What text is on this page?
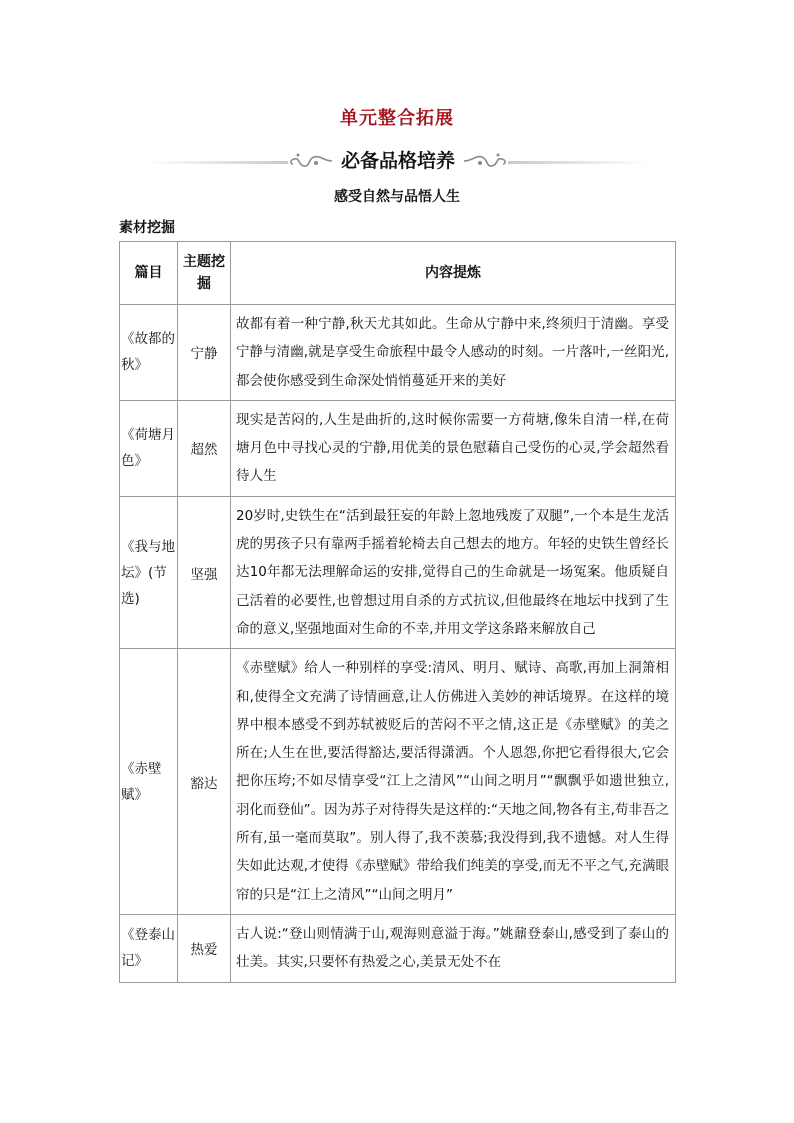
单元整合拓展
必备品格培养
感受自然与品悟人生
素材挖掘
篇目	主题挖掘	内容提炼
《故都的秋》	宁静	故都有着一种宁静,秋天尤其如此。生命从宁静中来,终须归于清幽。享受宁静与清幽,就是享受生命旅程中最令人感动的时刻。一片落叶,一丝阳光,都会使你感受到生命深处悄悄蔓延开来的美好
《荷塘月色》	超然	现实是苦闷的,人生是曲折的,这时候你需要一方荷塘,像朱自清一样,在荷塘月色中寻找心灵的宁静,用优美的景色慰藉自己受伤的心灵,学会超然看待人生
《我与地坛》(节选)	坚强	20岁时,史铁生在“活到最狂妄的年龄上忽地残废了双腿”,一个本是生龙活虎的男孩子只有靠两手摇着轮椅去自己想去的地方。年轻的史铁生曾经长达10年都无法理解命运的安排,觉得自己的生命就是一场冤案。他质疑自己活着的必要性,也曾想过用自杀的方式抗议,但他最终在地坛中找到了生命的意义,坚强地面对生命的不幸,并用文学这条路来解放自己
《赤壁赋》	豁达	《赤壁赋》给人一种别样的享受:清风、明月、赋诗、高歌,再加上洞箫相和,使得全文充满了诗情画意,让人仿佛进入美妙的神话境界。在这样的境界中根本感受不到苏轼被贬后的苦闷不平之情,这正是《赤壁赋》的美之所在;人生在世,要活得豁达,要活得潇洒。个人恩怨,你把它看得很大,它会把你压垮;不如尽情享受“江上之清风”“山间之明月”“飘飘乎如遗世独立,羽化而登仙”。因为苏子对待得失是这样的:“天地之间,物各有主,苟非吾之所有,虽一毫而莫取”。别人得了,我不羡慕;我没得到,我不遗憾。对人生得失如此达观,才使得《赤壁赋》带给我们纯美的享受,而无不平之气,充满眼帘的只是“江上之清风”“山间之明月”
《登泰山记》	热爱	古人说:“登山则情满于山,观海则意溢于海。”姚鼐登泰山,感受到了泰山的壮美。其实,只要怀有热爱之心,美景无处不在
